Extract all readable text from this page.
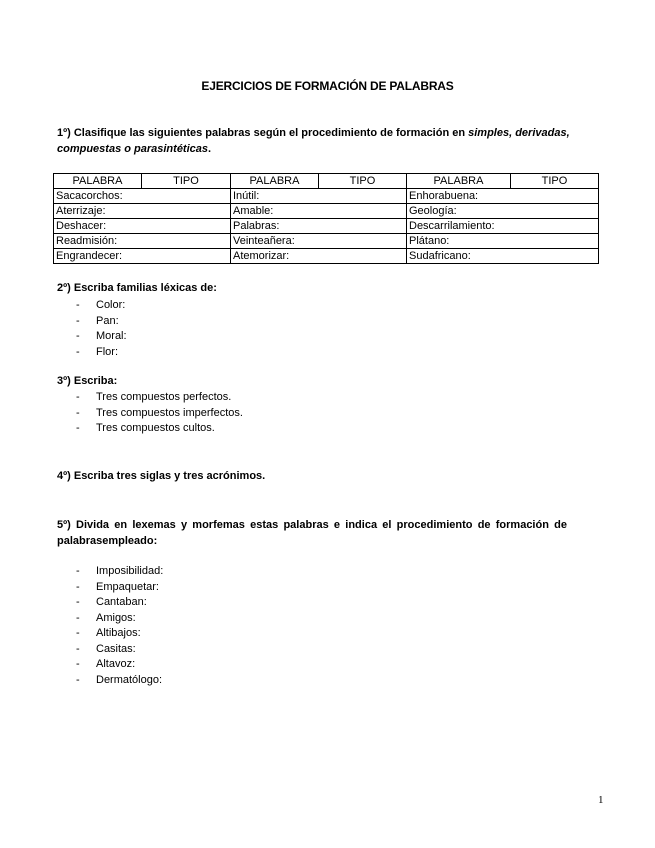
EJERCICIOS DE FORMACIÓN DE PALABRAS
1º) Clasifique las siguientes palabras según el procedimiento de formación en simples, derivadas, compuestas o parasintéticas.
PALABRA	TIPO	PALABRA	TIPO	PALABRA	TIPO
Sacacorchos:		Inútil:		Enhorabuena:	
Aterrizaje:		Amable:		Geología:	
Deshacer:		Palabras:		Descarrilamiento:	
Readmisión:		Veinteañera:		Plátano:	
Engrandecer:		Atemorizar:		Sudafricano:	
2º) Escriba familias léxicas de:
- Color:
- Pan:
- Moral:
- Flor:
3º) Escriba:
- Tres compuestos perfectos.
- Tres compuestos imperfectos.
- Tres compuestos cultos.
4º) Escriba tres siglas y tres acrónimos.
5º) Divida en lexemas y morfemas estas palabras e indica el procedimiento de formación de palabrasempleado:
- Imposibilidad:
- Empaquetar:
- Cantaban:
- Amigos:
- Altibajos:
- Casitas:
- Altavoz:
- Dermatólogo:
1
